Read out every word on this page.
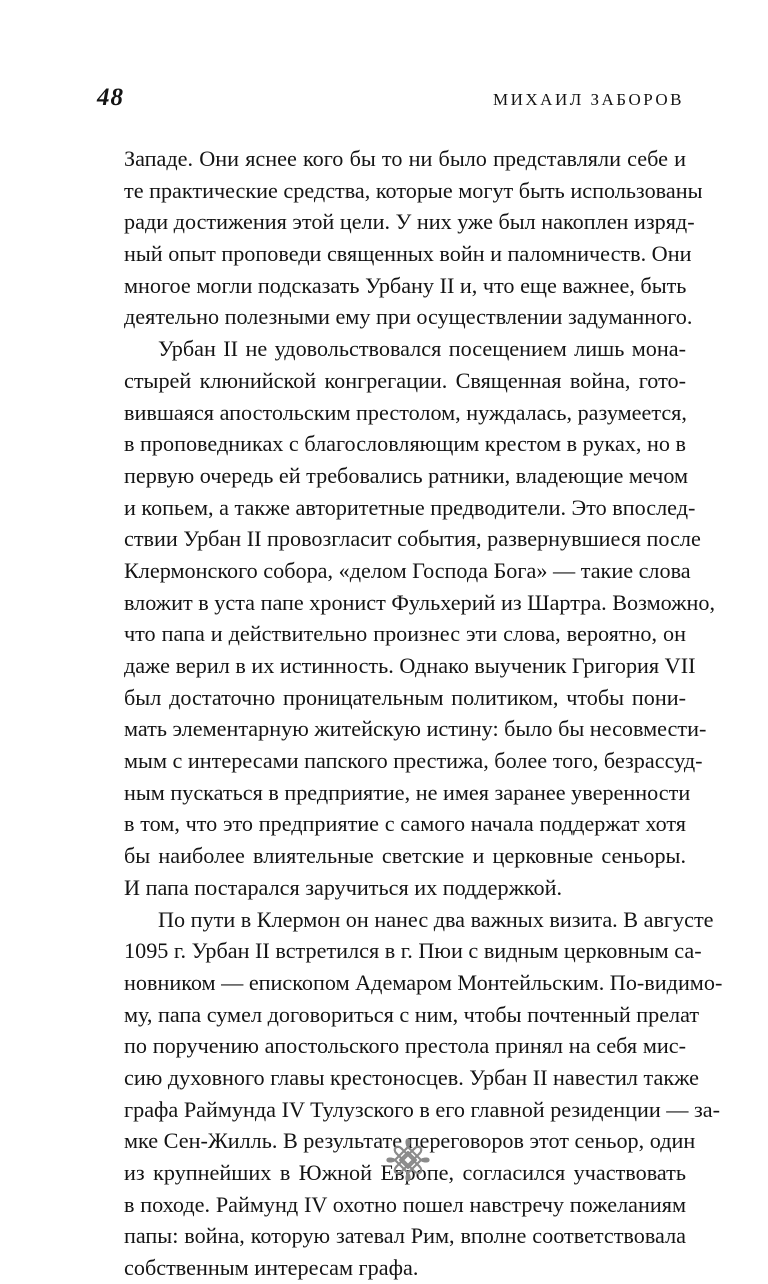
48	МИХАИЛ ЗАБОРОВ
Западе. Они яснее кого бы то ни было представляли себе и
те практические средства, которые могут быть использованы
ради достижения этой цели. У них уже был накоплен изряд-
ный опыт проповеди священных войн и паломничеств. Они
многое могли подсказать Урбану II и, что еще важнее, быть
деятельно полезными ему при осуществлении задуманного.
Урбан II не удовольствовался посещением лишь мона-
стырей клюнийской конгрегации. Священная война, гото-
вившаяся апостольским престолом, нуждалась, разумеется,
в проповедниках с благословляющим крестом в руках, но в
первую очередь ей требовались ратники, владеющие мечом
и копьем, а также авторитетные предводители. Это впослед-
ствии Урбан II провозгласит события, развернувшиеся после
Клермонского собора, «делом Господа Бога» — такие слова
вложит в уста папе хронист Фульхерий из Шартра. Возможно,
что папа и действительно произнес эти слова, вероятно, он
даже верил в их истинность. Однако выученик Григория VII
был достаточно проницательным политиком, чтобы пони-
мать элементарную житейскую истину: было бы несовмести-
мым с интересами папского престижа, более того, безрассуд-
ным пускаться в предприятие, не имея заранее уверенности
в том, что это предприятие с самого начала поддержат хотя
бы наиболее влиятельные светские и церковные сеньоры.
И папа постарался заручиться их поддержкой.
По пути в Клермон он нанес два важных визита. В августе
1095 г. Урбан II встретился в г. Пюи с видным церковным са-
новником — епископом Адемаром Монтейльским. По-видимо-
му, папа сумел договориться с ним, чтобы почтенный прелат
по поручению апостольского престола принял на себя мис-
сию духовного главы крестоносцев. Урбан II навестил также
графа Раймунда IV Тулузского в его главной резиденции — за-
мке Сен-Жилль. В результате переговоров этот сеньор, один
из крупнейших в Южной Европе, согласился участвовать
в походе. Раймунд IV охотно пошел навстречу пожеланиям
папы: война, которую затевал Рим, вполне соответствовала
собственным интересам графа.
